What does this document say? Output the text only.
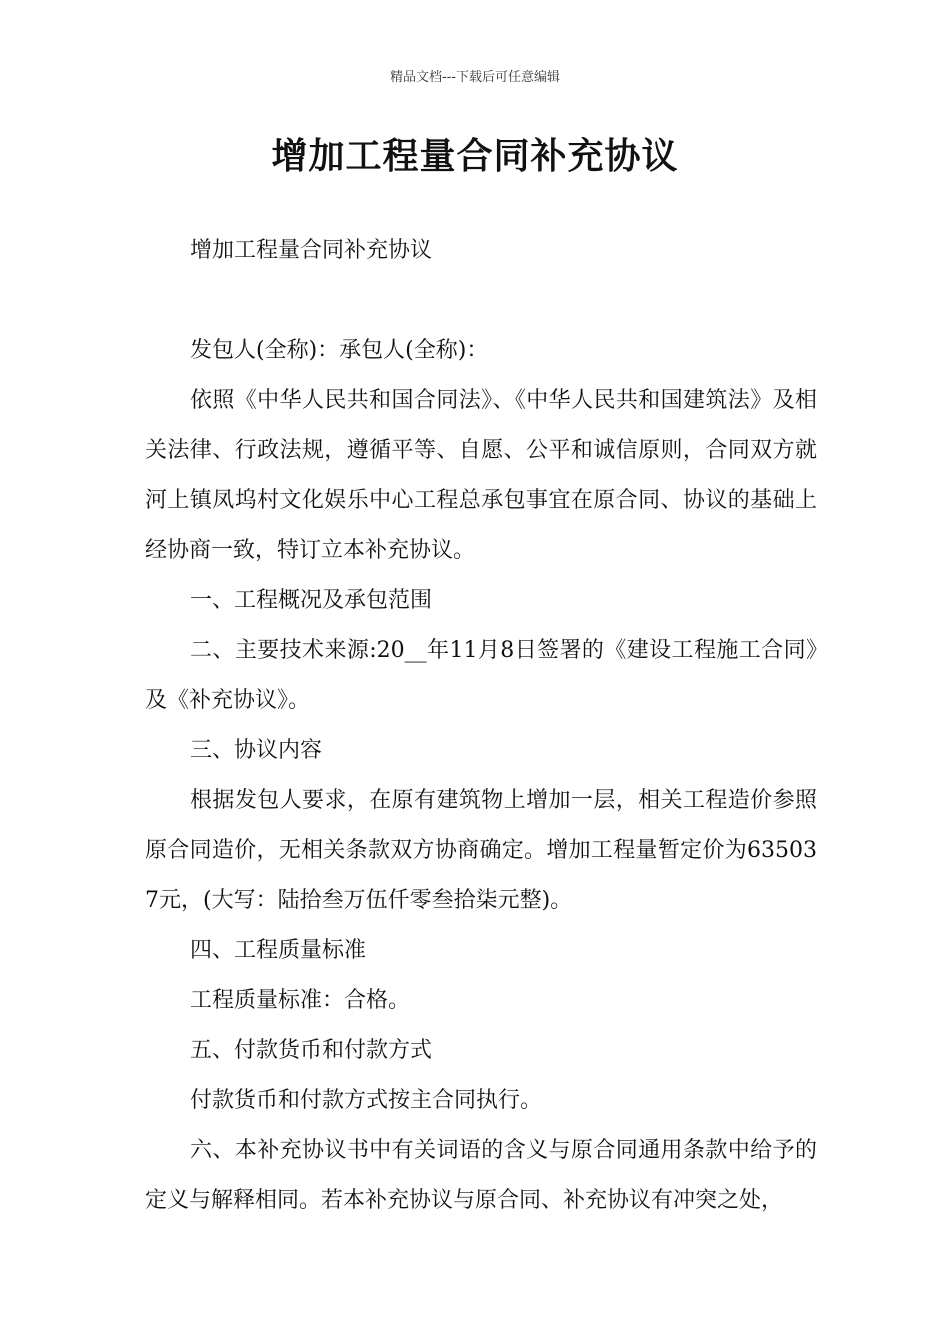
精品文档---下载后可任意编辑
增加工程量合同补充协议

增加工程量合同补充协议

发包人(全称)：承包人(全称)：

依照《中华人民共和国合同法》、《中华人民共和国建筑法》及相关法律、行政法规，遵循平等、自愿、公平和诚信原则，合同双方就河上镇凤坞村文化娱乐中心工程总承包事宜在原合同、协议的基础上经协商一致，特订立本补充协议。

一、工程概况及承包范围

二、主要技术来源:20__年11月8日签署的《建设工程施工合同》及《补充协议》。

三、协议内容

根据发包人要求，在原有建筑物上增加一层，相关工程造价参照原合同造价，无相关条款双方协商确定。增加工程量暂定价为635037元，(大写：陆拾叁万伍仟零叁拾柒元整)。

四、工程质量标准

工程质量标准：合格。

五、付款货币和付款方式

付款货币和付款方式按主合同执行。

六、本补充协议书中有关词语的含义与原合同通用条款中给予的定义与解释相同。若本补充协议与原合同、补充协议有冲突之处，
